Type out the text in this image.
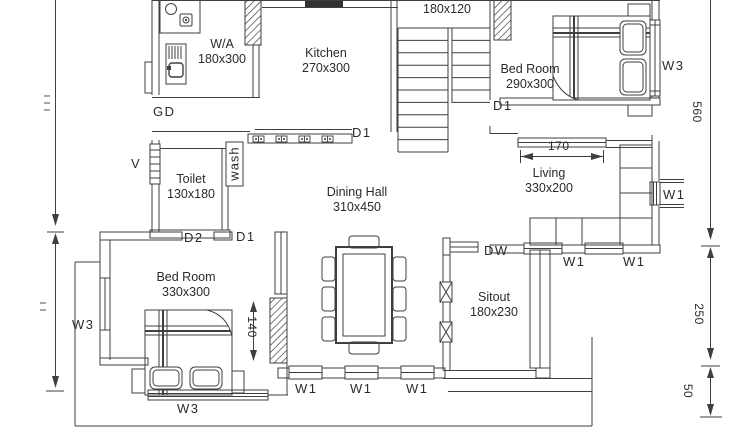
180x120
W/A
180x300	Kitchen
270x300	Bed Room
290x300
Toilet
130x180	Dining Hall
310x450
Living
330x200
Bed Room
330x300	Sitout
180x230
GD
V
D1
D1
D2 D1
DW
W3
W3
W3
W1
W1	W1
W1	W1	W1
wash
170
560
250
50
140
